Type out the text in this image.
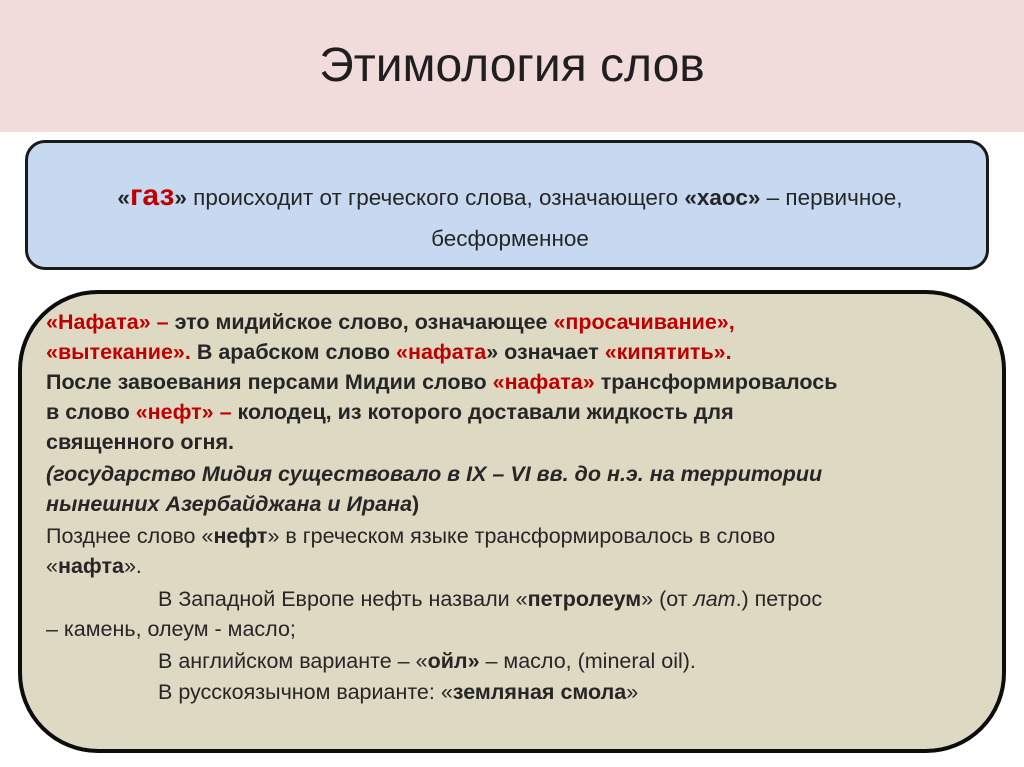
Этимология слов
«газ» происходит от греческого слова, означающего «хаос» – первичное,
бесформенное
«Нафата» – это мидийское слово, означающее «просачивание»,
«вытекание». В арабском слово «нафата» означает «кипятить».
После завоевания персами Мидии слово «нафата» трансформировалось
в слово «нефт» – колодец, из которого доставали жидкость для
священного огня.
(государство Мидия существовало в IX – VI вв. до н.э. на территории
нынешних Азербайджана и Ирана)
Позднее слово «нефт» в греческом языке трансформировалось в слово
«нафта».
В Западной Европе нефть назвали «петролеум» (от лат.) петрос
– камень, олеум - масло;
В английском варианте – «ойл» – масло, (mineral oil).
В русскоязычном варианте: «земляная смола»
